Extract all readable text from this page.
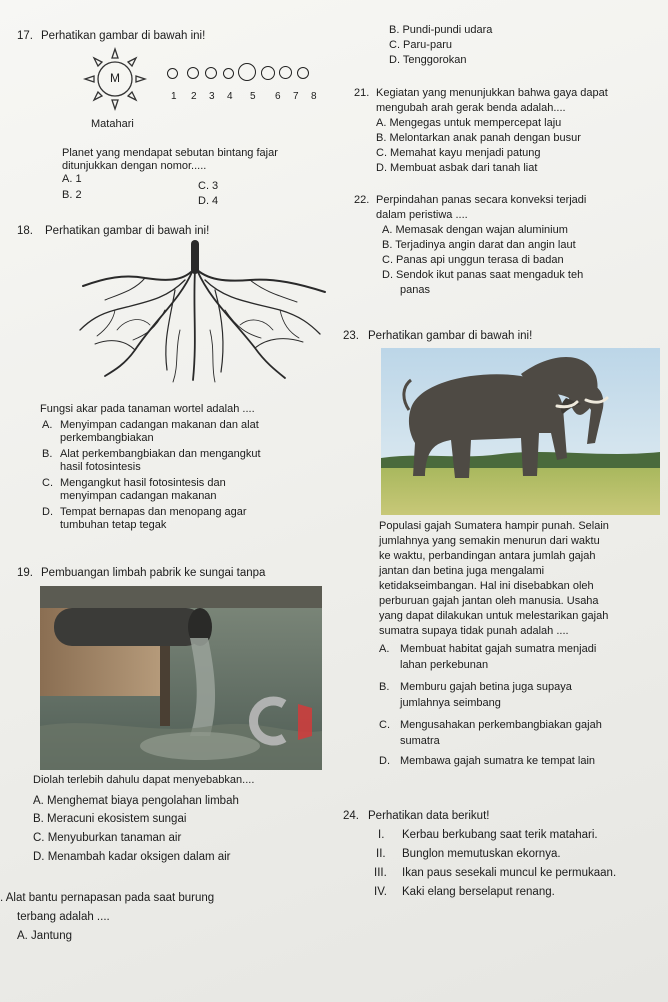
17. Perhatikan gambar di bawah ini!
M
1 2 3 4 5 6 7 8
Matahari
Planet yang mendapat sebutan bintang fajar
ditunjukkan dengan nomor.....
A. 1
C. 3
B. 2	D. 4
18. Perhatikan gambar di bawah ini!
Fungsi akar pada tanaman wortel adalah ....
A. Menyimpan cadangan makanan dan alat
perkembangbiakan
B. Alat perkembangbiakan dan mengangkut
hasil fotosintesis
C. Mengangkut hasil fotosintesis dan
menyimpan cadangan makanan
D. Tempat bernapas dan menopang agar
tumbuhan tetap tegak
19. Pembuangan limbah pabrik ke sungai tanpa
Diolah terlebih dahulu dapat menyebabkan....
A. Menghemat biaya pengolahan limbah
B. Meracuni ekosistem sungai
C. Menyuburkan tanaman air
D. Menambah kadar oksigen dalam air
. Alat bantu pernapasan pada saat burung
terbang adalah ....
A. Jantung
B. Pundi-pundi udara
C. Paru-paru
D. Tenggorokan
21. Kegiatan yang menunjukkan bahwa gaya dapat
mengubah arah gerak benda adalah....
A. Mengegas untuk mempercepat laju
B. Melontarkan anak panah dengan busur
C. Memahat kayu menjadi patung
D. Membuat asbak dari tanah liat
22. Perpindahan panas secara konveksi terjadi
dalam peristiwa ....
A. Memasak dengan wajan aluminium
B. Terjadinya angin darat dan angin laut
C. Panas api unggun terasa di badan
D. Sendok ikut panas saat mengaduk teh
panas
23. Perhatikan gambar di bawah ini!
Populasi gajah Sumatera hampir punah. Selain
jumlahnya yang semakin menurun dari waktu
ke waktu, perbandingan antara jumlah gajah
jantan dan betina juga mengalami
ketidakseimbangan. Hal ini disebabkan oleh
perburuan gajah jantan oleh manusia. Usaha
yang dapat dilakukan untuk melestarikan gajah
sumatra supaya tidak punah adalah ....
A. Membuat habitat gajah sumatra menjadi
lahan perkebunan
B. Memburu gajah betina juga supaya
jumlahnya seimbang
C. Mengusahakan perkembangbiakan gajah
sumatra
D. Membawa gajah sumatra ke tempat lain
24. Perhatikan data berikut!
I. Kerbau berkubang saat terik matahari.
II. Bunglon memutuskan ekornya.
III. Ikan paus sesekali muncul ke permukaan.
IV. Kaki elang berselaput renang.
